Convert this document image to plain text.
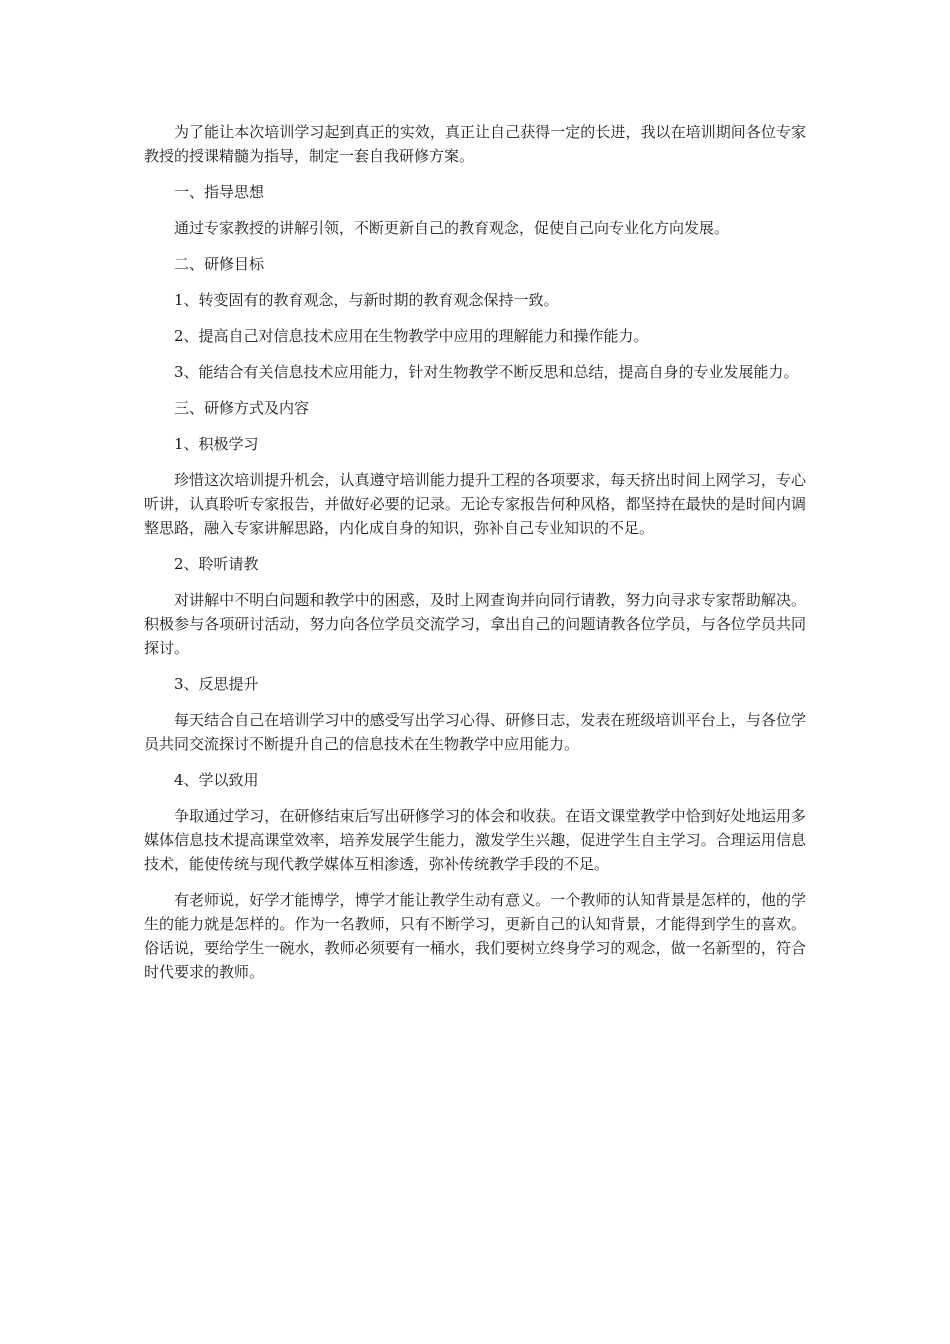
为了能让本次培训学习起到真正的实效，真正让自己获得一定的长进，我以在培训期间各位专家教授的授课精髓为指导，制定一套自我研修方案。

一、指导思想

通过专家教授的讲解引领，不断更新自己的教育观念，促使自己向专业化方向发展。

二、研修目标

1、转变固有的教育观念，与新时期的教育观念保持一致。

2、提高自己对信息技术应用在生物教学中应用的理解能力和操作能力。

3、能结合有关信息技术应用能力，针对生物教学不断反思和总结，提高自身的专业发展能力。

三、研修方式及内容

1、积极学习

珍惜这次培训提升机会，认真遵守培训能力提升工程的各项要求，每天挤出时间上网学习，专心听讲，认真聆听专家报告，并做好必要的记录。无论专家报告何种风格，都坚持在最快的是时间内调整思路，融入专家讲解思路，内化成自身的知识，弥补自己专业知识的不足。

2、聆听请教

对讲解中不明白问题和教学中的困惑，及时上网查询并向同行请教，努力向寻求专家帮助解决。积极参与各项研讨活动，努力向各位学员交流学习，拿出自己的问题请教各位学员，与各位学员共同探讨。

3、反思提升

每天结合自己在培训学习中的感受写出学习心得、研修日志，发表在班级培训平台上，与各位学员共同交流探讨不断提升自己的信息技术在生物教学中应用能力。

4、学以致用

争取通过学习，在研修结束后写出研修学习的体会和收获。在语文课堂教学中恰到好处地运用多媒体信息技术提高课堂效率，培养发展学生能力，激发学生兴趣，促进学生自主学习。合理运用信息技术，能使传统与现代教学媒体互相渗透，弥补传统教学手段的不足。

有老师说，好学才能博学，博学才能让教学生动有意义。一个教师的认知背景是怎样的，他的学生的能力就是怎样的。作为一名教师，只有不断学习，更新自己的认知背景，才能得到学生的喜欢。俗话说，要给学生一碗水，教师必须要有一桶水，我们要树立终身学习的观念，做一名新型的，符合时代要求的教师。
